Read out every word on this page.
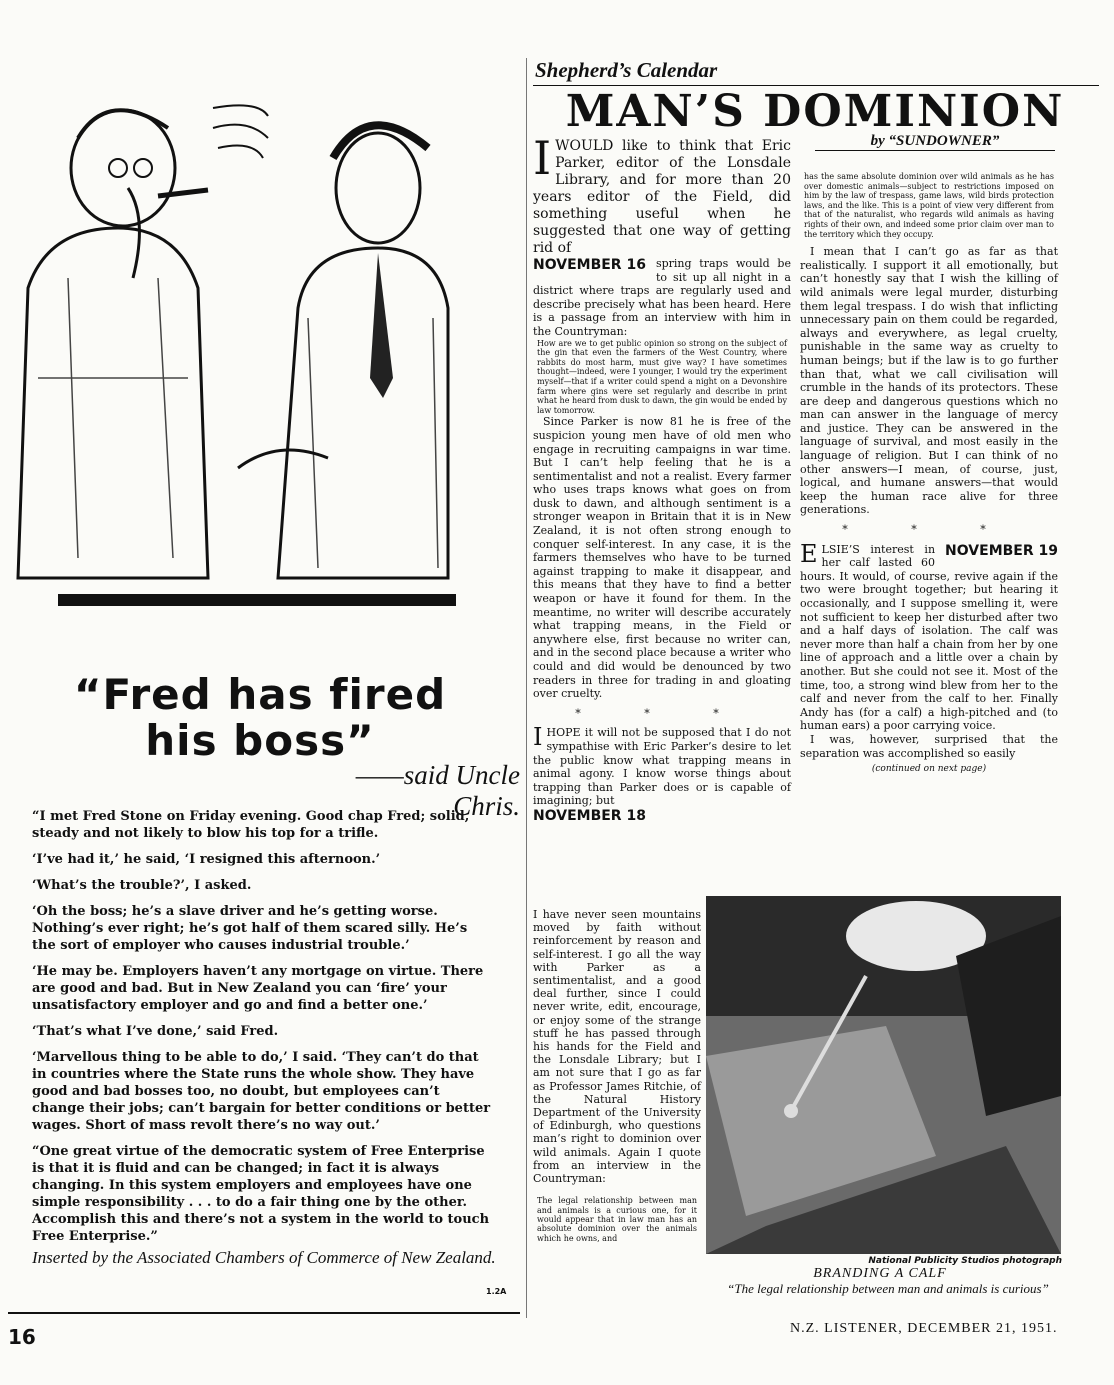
“Fred has fired
his boss”
——said Uncle Chris.

“I met Fred Stone on Friday evening. Good chap Fred; solid, steady and not likely to blow his top for a trifle.

‘I’ve had it,’ he said, ‘I resigned this afternoon.’

‘What’s the trouble?’, I asked.

‘Oh the boss; he’s a slave driver and he’s getting worse. Nothing’s ever right; he’s got half of them scared silly. He’s the sort of employer who causes industrial trouble.’

‘He may be. Employers haven’t any mortgage on virtue. There are good and bad. But in New Zealand you can ‘fire’ your unsatisfactory employer and go and find a better one.’

‘That’s what I’ve done,’ said Fred.

‘Marvellous thing to be able to do,’ I said. ‘They can’t do that in countries where the State runs the whole show. They have good and bad bosses too, no doubt, but employees can’t change their jobs; can’t bargain for better conditions or better wages. Short of mass revolt there’s no way out.’

“One great virtue of the democratic system of Free Enterprise is that it is fluid and can be changed; in fact it is always changing. In this system employers and employees have one simple responsibility . . . to do a fair thing one by the other. Accomplish this and there’s not a system in the world to touch Free Enterprise.”

Inserted by the Associated Chambers of Commerce of New Zealand.
1.2A
16
Shepherd’s Calendar
MAN’S DOMINION
by “SUNDOWNER”

IWOULD like to think that Eric Parker, editor of the Lonsdale Library, and for more than 20 years editor of the Field, did something useful when he suggested that one way of getting rid of

NOVEMBER 16 spring traps would be to sit up all night in a district where traps are regularly used and describe precisely what has been heard. Here is a passage from an interview with him in the Countryman:

How are we to get public opinion so strong on the subject of the gin that even the farmers of the West Country, where rabbits do most harm, must give way? I have sometimes thought—indeed, were I younger, I would try the experiment myself—that if a writer could spend a night on a Devonshire farm where gins were set regularly and describe in print what he heard from dusk to dawn, the gin would be ended by law tomorrow.

Since Parker is now 81 he is free of the suspicion young men have of old men who engage in recruiting campaigns in war time. But I can’t help feeling that he is a sentimentalist and not a realist. Every farmer who uses traps knows what goes on from dusk to dawn, and although sentiment is a stronger weapon in Britain that it is in New Zealand, it is not often strong enough to conquer self-interest. In any case, it is the farmers themselves who have to be turned against trapping to make it disappear, and this means that they have to find a better weapon or have it found for them. In the meantime, no writer will describe accurately what trapping means, in the Field or anywhere else, first because no writer can, and in the second place because a writer who could and did would be denounced by two readers in three for trading in and gloating over cruelty.

* * *

IHOPE it will not be supposed that I do not sympathise with Eric Parker’s desire to let the public know what trapping means in animal agony. I know worse things about trapping than Parker does or is capable of imagining; but

NOVEMBER 18

I have never seen mountains moved by faith without reinforcement by reason and self-interest. I go all the way with Parker as a sentimentalist, and a good deal further, since I could never write, edit, encourage, or enjoy some of the strange stuff he has passed through his hands for the Field and the Lonsdale Library; but I am not sure that I go as far as Professor James Ritchie, of the Natural History Department of the University of Edinburgh, who questions man’s right to dominion over wild animals. Again I quote from an interview in the Countryman:

The legal relationship between man and animals is a curious one, for it would appear that in law man has an absolute dominion over the animals which he owns, and

has the same absolute dominion over wild animals as he has over domestic animals—subject to restrictions imposed on him by the law of trespass, game laws, wild birds protection laws, and the like. This is a point of view very different from that of the naturalist, who regards wild animals as having rights of their own, and indeed some prior claim over man to the territory which they occupy.

I mean that I can’t go as far as that realistically. I support it all emotionally, but can’t honestly say that I wish the killing of wild animals were legal murder, disturbing them legal trespass. I do wish that inflicting unnecessary pain on them could be regarded, always and everywhere, as legal cruelty, punishable in the same way as cruelty to human beings; but if the law is to go further than that, what we call civilisation will crumble in the hands of its protectors. These are deep and dangerous questions which no man can answer in the language of mercy and justice. They can be answered in the language of survival, and most easily in the language of religion. But I can think of no other answers—I mean, of course, just, logical, and humane answers—that would keep the human race alive for three generations.

* * *

E	NOVEMBER 19
LSIE’S interest in her calf lasted 60 hours. It would, of course, revive again if the two were brought together; but hearing it occasionally, and I suppose smelling it, were not sufficient to keep her disturbed after two and a half days of isolation. The calf was never more than half a chain from her by one line of approach and a little over a chain by another. But she could not see it. Most of the time, too, a strong wind blew from her to the calf and never from the calf to her. Finally Andy has (for a calf) a high-pitched and (to human ears) a poor carrying voice.

I was, however, surprised that the separation was accomplished so easily

(continued on next page)
National Publicity Studios photograph
BRANDING A CALF
“The legal relationship between man and animals is curious”
N.Z. LISTENER, DECEMBER 21, 1951.
